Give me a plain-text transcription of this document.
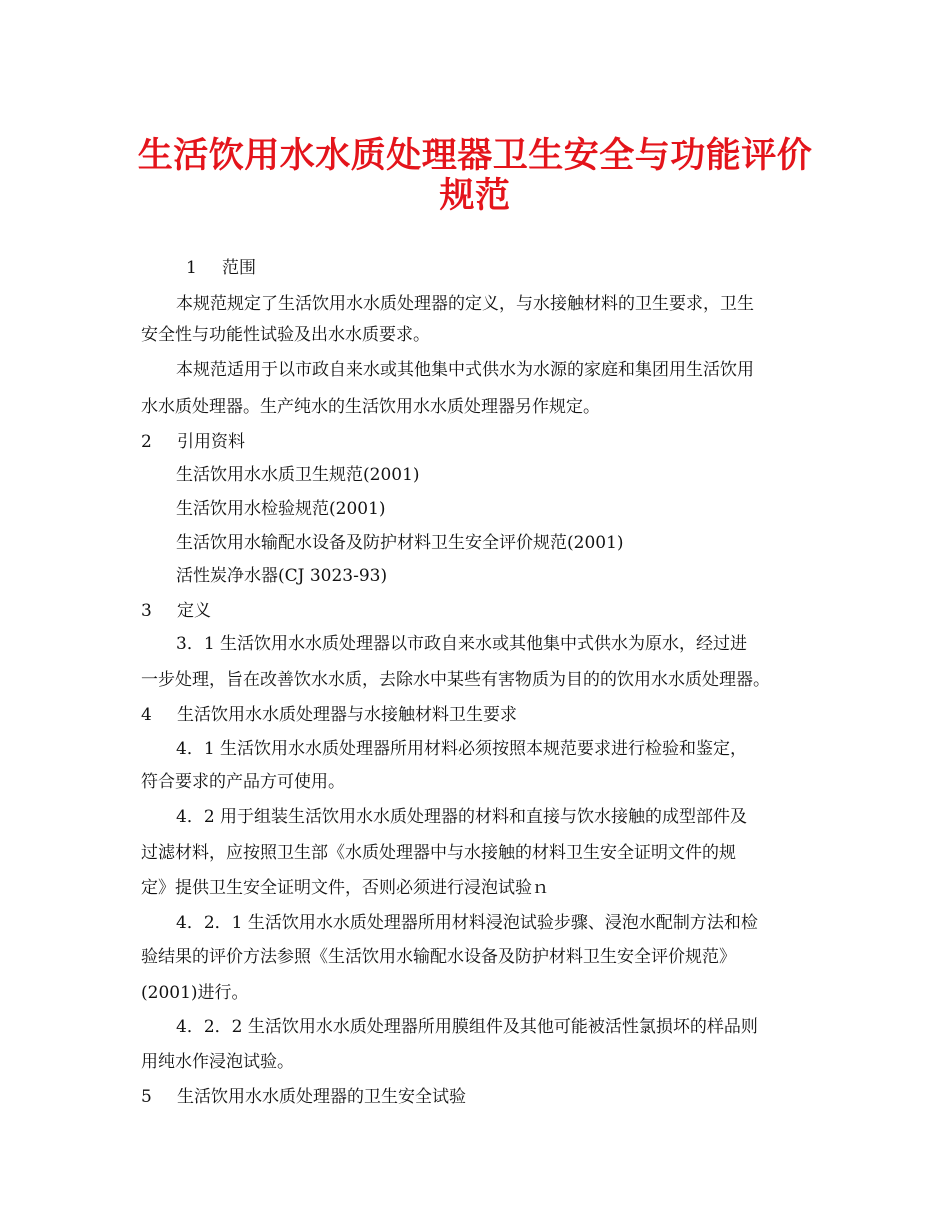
生活饮用水水质处理器卫生安全与功能评价
规范
1 范围
本规范规定了生活饮用水水质处理器的定义，与水接触材料的卫生要求，卫生
安全性与功能性试验及出水水质要求。
本规范适用于以市政自来水或其他集中式供水为水源的家庭和集团用生活饮用
水水质处理器。生产纯水的生活饮用水水质处理器另作规定。
2 引用资料
生活饮用水水质卫生规范(2001)
生活饮用水检验规范(2001)
生活饮用水输配水设备及防护材料卫生安全评价规范(2001)
活性炭净水器(CJ 3023-93)
3 定义
3．1 生活饮用水水质处理器以市政自来水或其他集中式供水为原水，经过进
一步处理，旨在改善饮水水质，去除水中某些有害物质为目的的饮用水水质处理器。
4 生活饮用水水质处理器与水接触材料卫生要求
4．1 生活饮用水水质处理器所用材料必须按照本规范要求进行检验和鉴定，
符合要求的产品方可使用。
4．2 用于组装生活饮用水水质处理器的材料和直接与饮水接触的成型部件及
过滤材料，应按照卫生部《水质处理器中与水接触的材料卫生安全证明文件的规
定》提供卫生安全证明文件，否则必须进行浸泡试验ｎ
4．2．1 生活饮用水水质处理器所用材料浸泡试验步骤、浸泡水配制方法和检
验结果的评价方法参照《生活饮用水输配水设备及防护材料卫生安全评价规范》
(2001)进行。
4．2．2 生活饮用水水质处理器所用膜组件及其他可能被活性氯损坏的样品则
用纯水作浸泡试验。
5 生活饮用水水质处理器的卫生安全试验
